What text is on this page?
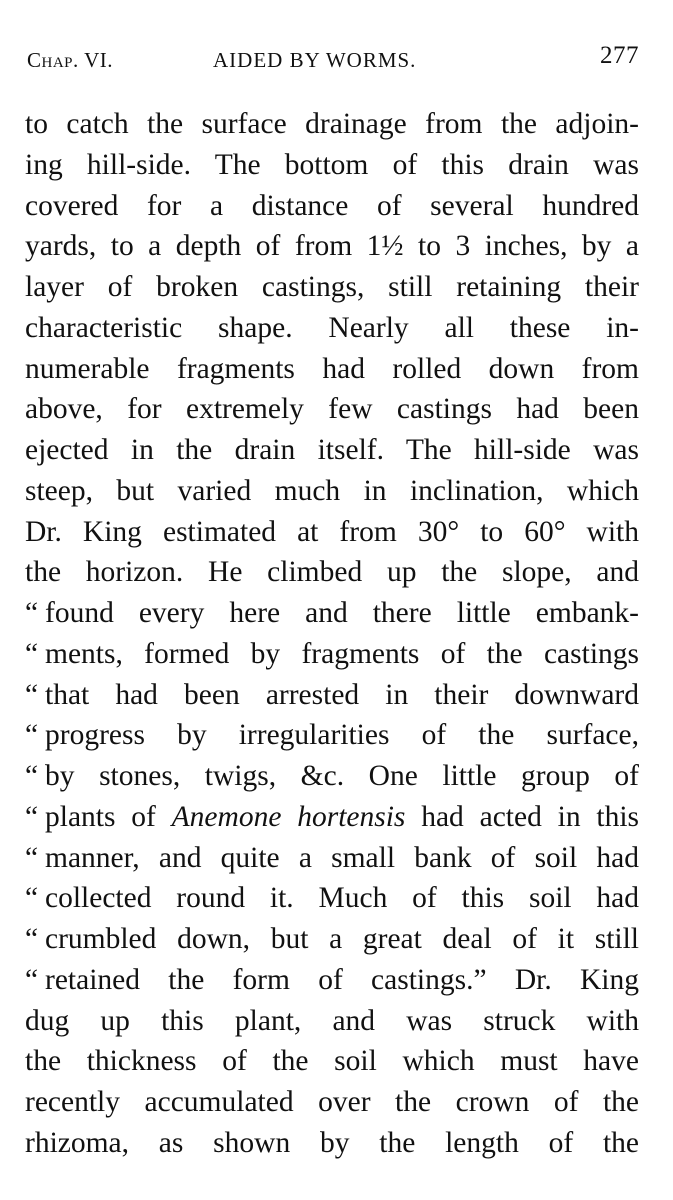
Chap. VI.	AIDED BY WORMS.	277
to catch the surface drainage from the adjoin-
ing hill-side. The bottom of this drain was
covered for a distance of several hundred
yards, to a depth of from 1½ to 3 inches, by a
layer of broken castings, still retaining their
characteristic shape. Nearly all these in-
numerable fragments had rolled down from
above, for extremely few castings had been
ejected in the drain itself. The hill-side was
steep, but varied much in inclination, which
Dr. King estimated at from 30° to 60° with
the horizon. He climbed up the slope, and
“ found every here and there little embank-
“ ments, formed by fragments of the castings
“ that had been arrested in their downward
“ progress by irregularities of the surface,
“ by stones, twigs, &c. One little group of
“ plants of Anemone hortensis had acted in this
“ manner, and quite a small bank of soil had
“ collected round it. Much of this soil had
“ crumbled down, but a great deal of it still
“ retained the form of castings.” Dr. King
dug up this plant, and was struck with
the thickness of the soil which must have
recently accumulated over the crown of the
rhizoma, as shown by the length of the
